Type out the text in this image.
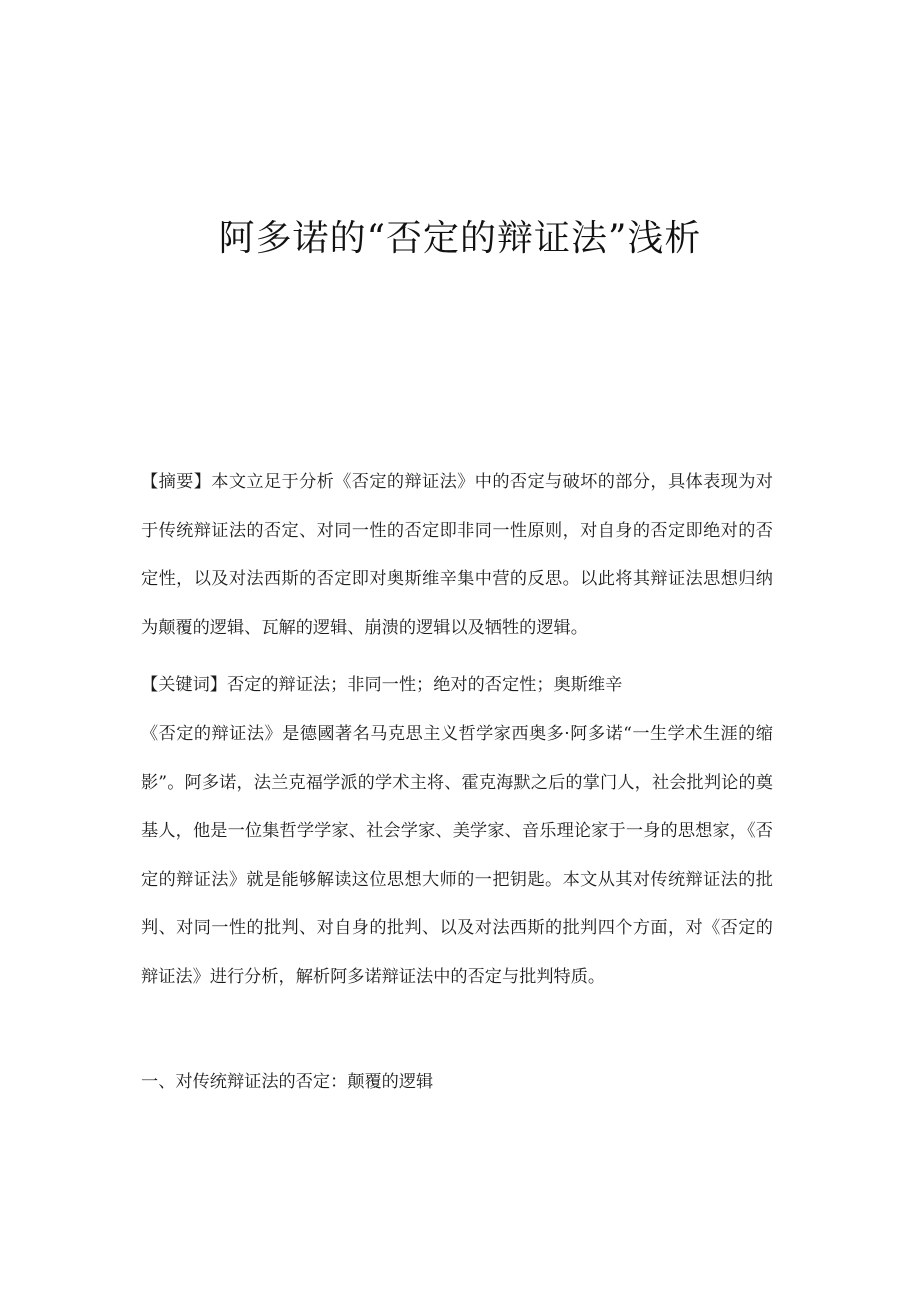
阿多诺的“否定的辩证法”浅析

【摘要】本文立足于分析《否定的辩证法》中的否定与破坏的部分，具体表现为对于传统辩证法的否定、对同一性的否定即非同一性原则，对自身的否定即绝对的否定性，以及对法西斯的否定即对奥斯维辛集中营的反思。以此将其辩证法思想归纳为颠覆的逻辑、瓦解的逻辑、崩溃的逻辑以及牺牲的逻辑。

【关键词】否定的辩证法；非同一性；绝对的否定性；奥斯维辛

《否定的辩证法》是德國著名马克思主义哲学家西奥多·阿多诺“一生学术生涯的缩影”。阿多诺，法兰克福学派的学术主将、霍克海默之后的掌门人，社会批判论的奠基人，他是一位集哲学学家、社会学家、美学家、音乐理论家于一身的思想家，《否定的辩证法》就是能够解读这位思想大师的一把钥匙。本文从其对传统辩证法的批判、对同一性的批判、对自身的批判、以及对法西斯的批判四个方面，对《否定的辩证法》进行分析，解析阿多诺辩证法中的否定与批判特质。

一、对传统辩证法的否定：颠覆的逻辑
